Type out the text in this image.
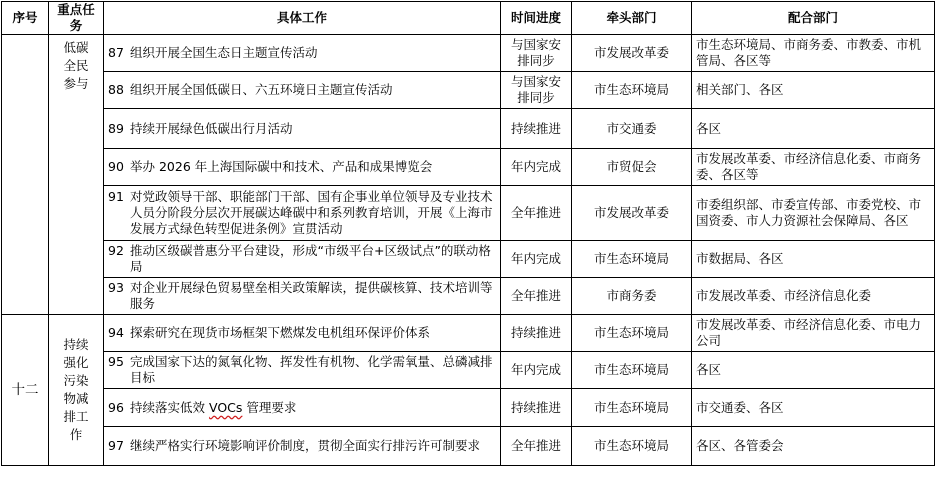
序号	重点任务	具体工作	时间进度	牵头部门	配合部门

	低碳全民参与	87 组织开展全国生态日主题宣传活动	与国家安排同步	市发展改革委	市生态环境局、市商务委、市教委、市机管局、各区等
		88 组织开展全国低碳日、六五环境日主题宣传活动	与国家安排同步	市生态环境局	相关部门、各区
		89 持续开展绿色低碳出行月活动	持续推进	市交通委	各区
		90 举办 2026 年上海国际碳中和技术、产品和成果博览会	年内完成	市贸促会	市发展改革委、市经济信息化委、市商务委、各区等

		91 对党政领导干部、职能部门干部、国有企事业单位领导及专业技术人员分阶段分层次开展碳达峰碳中和系列教育培训，开展《上海市发展方式绿色转型促进条例》宣贯活动	全年推进	市发展改革委	市委组织部、市委宣传部、市委党校、市国资委、市人力资源社会保障局、各区

		92 推动区级碳普惠分平台建设，形成“市级平台+区级试点”的联动格局	年内完成	市生态环境局	市数据局、各区

		93 对企业开展绿色贸易壁垒相关政策解读，提供碳核算、技术培训等服务	全年推进	市商务委	市发展改革委、市经济信息化委
十二	持续强化污染物减排工作	94 探索研究在现货市场框架下燃煤发电机组环保评价体系	持续推进	市生态环境局	市发展改革委、市经济信息化委、市电力公司

		95 完成国家下达的氮氧化物、挥发性有机物、化学需氧量、总磷减排目标	年内完成	市生态环境局	各区
		96 持续落实低效 VOCs 管理要求	持续推进	市生态环境局	市交通委、各区
		97 继续严格实行环境影响评价制度，贯彻全面实行排污许可制要求	全年推进	市生态环境局	各区、各管委会
